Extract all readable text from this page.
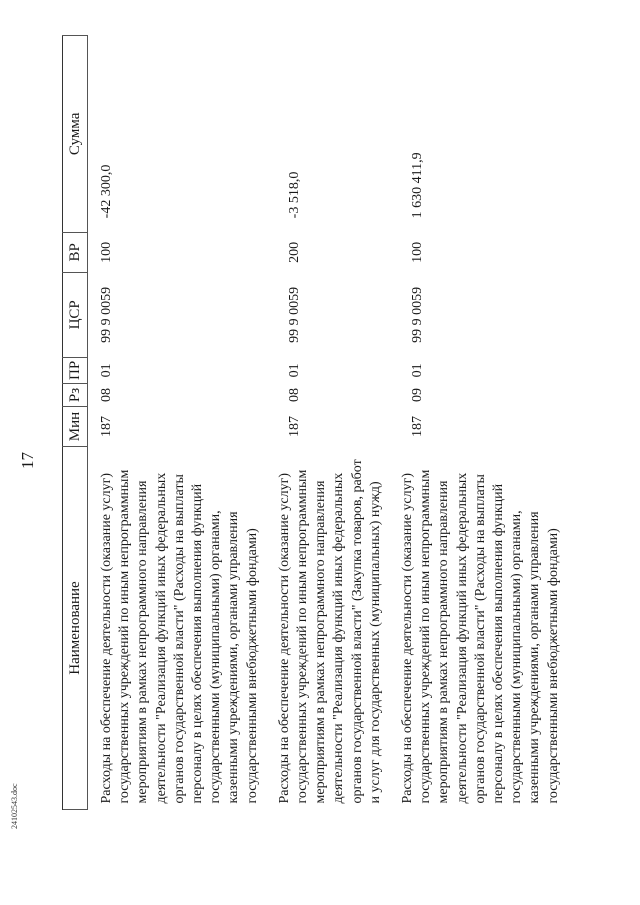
17
Наименование	Мин	Рз	ПР	ЦСР	ВР	Сумма

Расходы на обеспечение деятельности (оказание услуг) государственных учреждений по иным непрограммным мероприятиям в рамках непрограммного направления деятельности "Реализация функций иных федеральных органов государственной власти" (Расходы на выплаты персоналу в целях обеспечения выполнения функций государственными (муниципальными) органами, казенными учреждениями, органами управления государственными внебюджетными фондами)	187	08	01	99 9 0059	100	-42 300,0

Расходы на обеспечение деятельности (оказание услуг) государственных учреждений по иным непрограммным мероприятиям в рамках непрограммного направления деятельности "Реализация функций иных федеральных органов государственной власти" (Закупка товаров, работ и услуг для государственных (муниципальных) нужд)	187	08	01	99 9 0059	200	-3 518,0

Расходы на обеспечение деятельности (оказание услуг) государственных учреждений по иным непрограммным мероприятиям в рамках непрограммного направления деятельности "Реализация функций иных федеральных органов государственной власти" (Расходы на выплаты персоналу в целях обеспечения выполнения функций государственными (муниципальными) органами, казенными учреждениями, органами управления государственными внебюджетными фондами)	187	09	01	99 9 0059	100	1 630 411,9
24102543.doc
